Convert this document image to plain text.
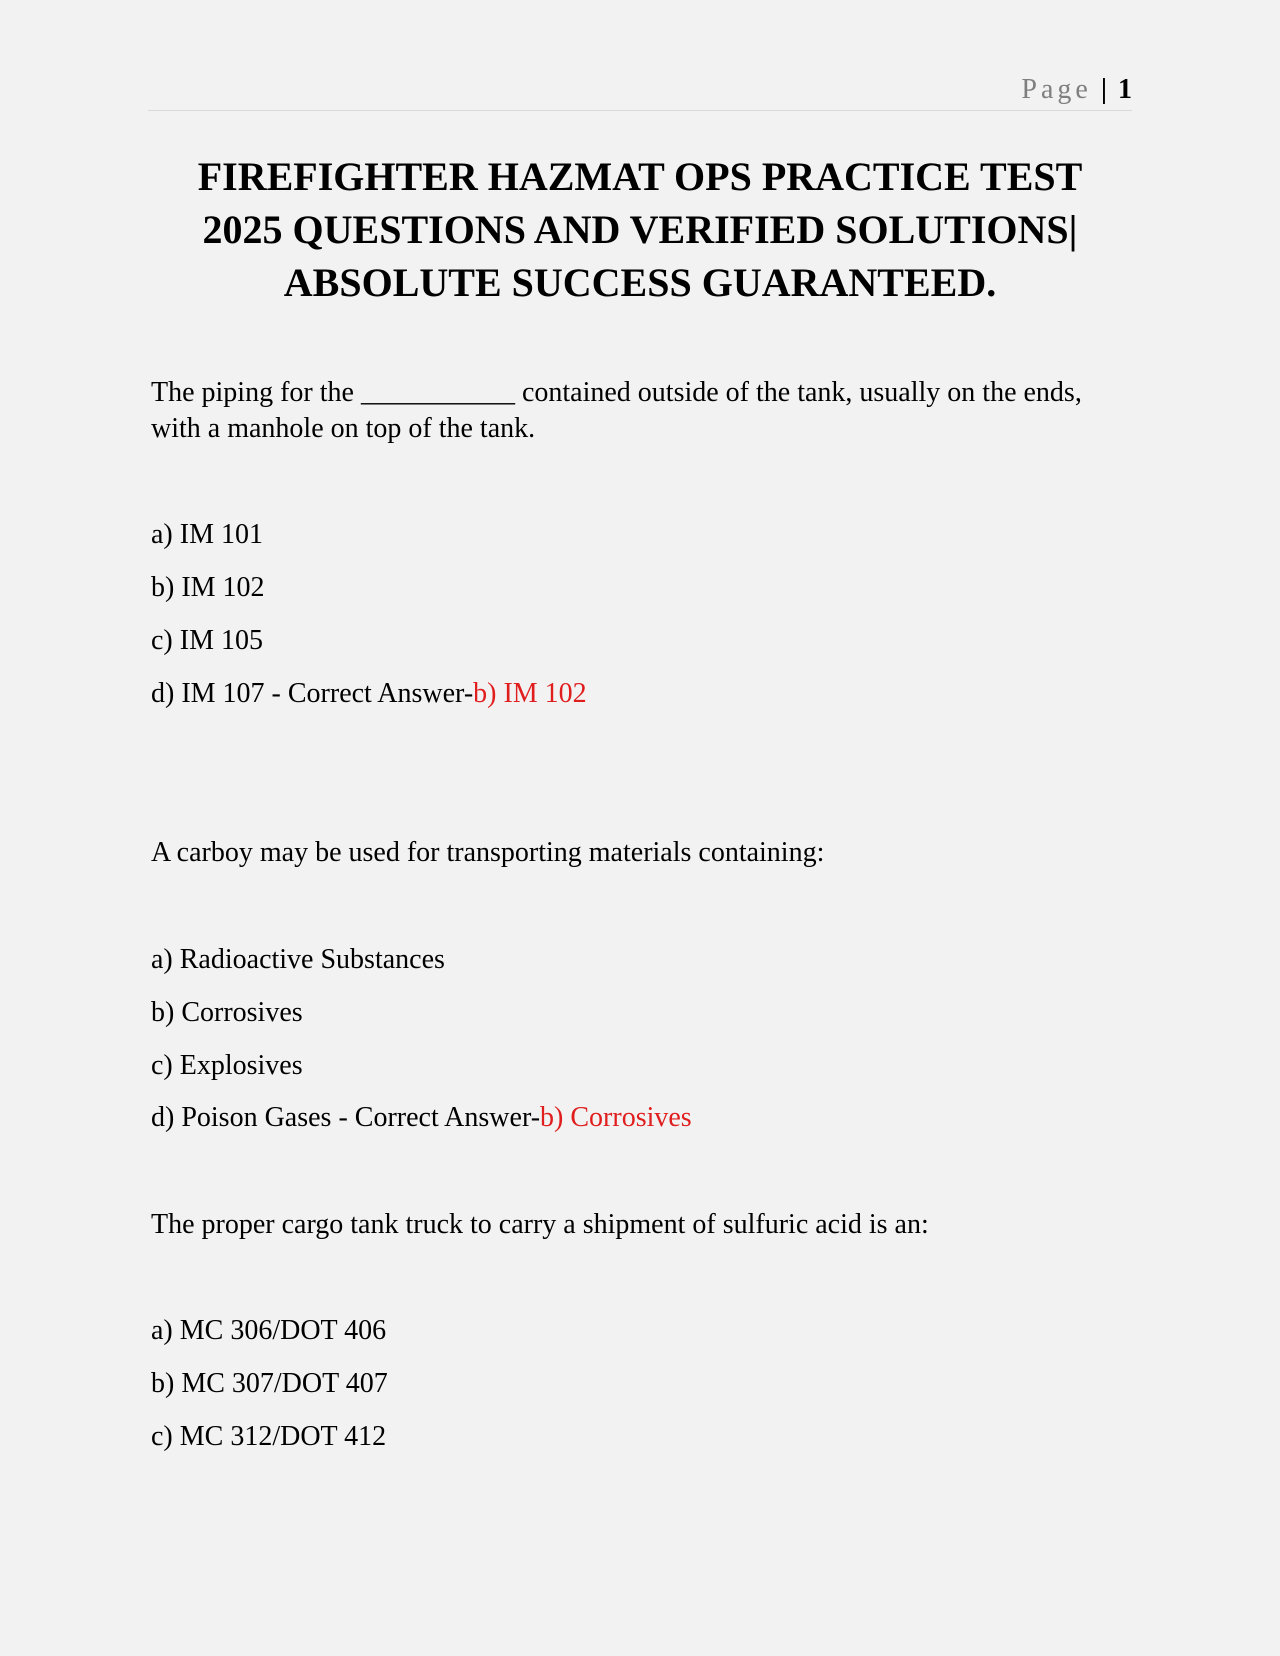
Page | 1
FIREFIGHTER HAZMAT OPS PRACTICE TEST
2025 QUESTIONS AND VERIFIED SOLUTIONS|
ABSOLUTE SUCCESS GUARANTEED.

The piping for the ___________ contained outside of the tank, usually on the ends, with a manhole on top of the tank.

a) IM 101

b) IM 102

c) IM 105

d) IM 107 - Correct Answer-b) IM 102

A carboy may be used for transporting materials containing:

a) Radioactive Substances

b) Corrosives

c) Explosives

d) Poison Gases - Correct Answer-b) Corrosives

The proper cargo tank truck to carry a shipment of sulfuric acid is an:

a) MC 306/DOT 406

b) MC 307/DOT 407

c) MC 312/DOT 412
